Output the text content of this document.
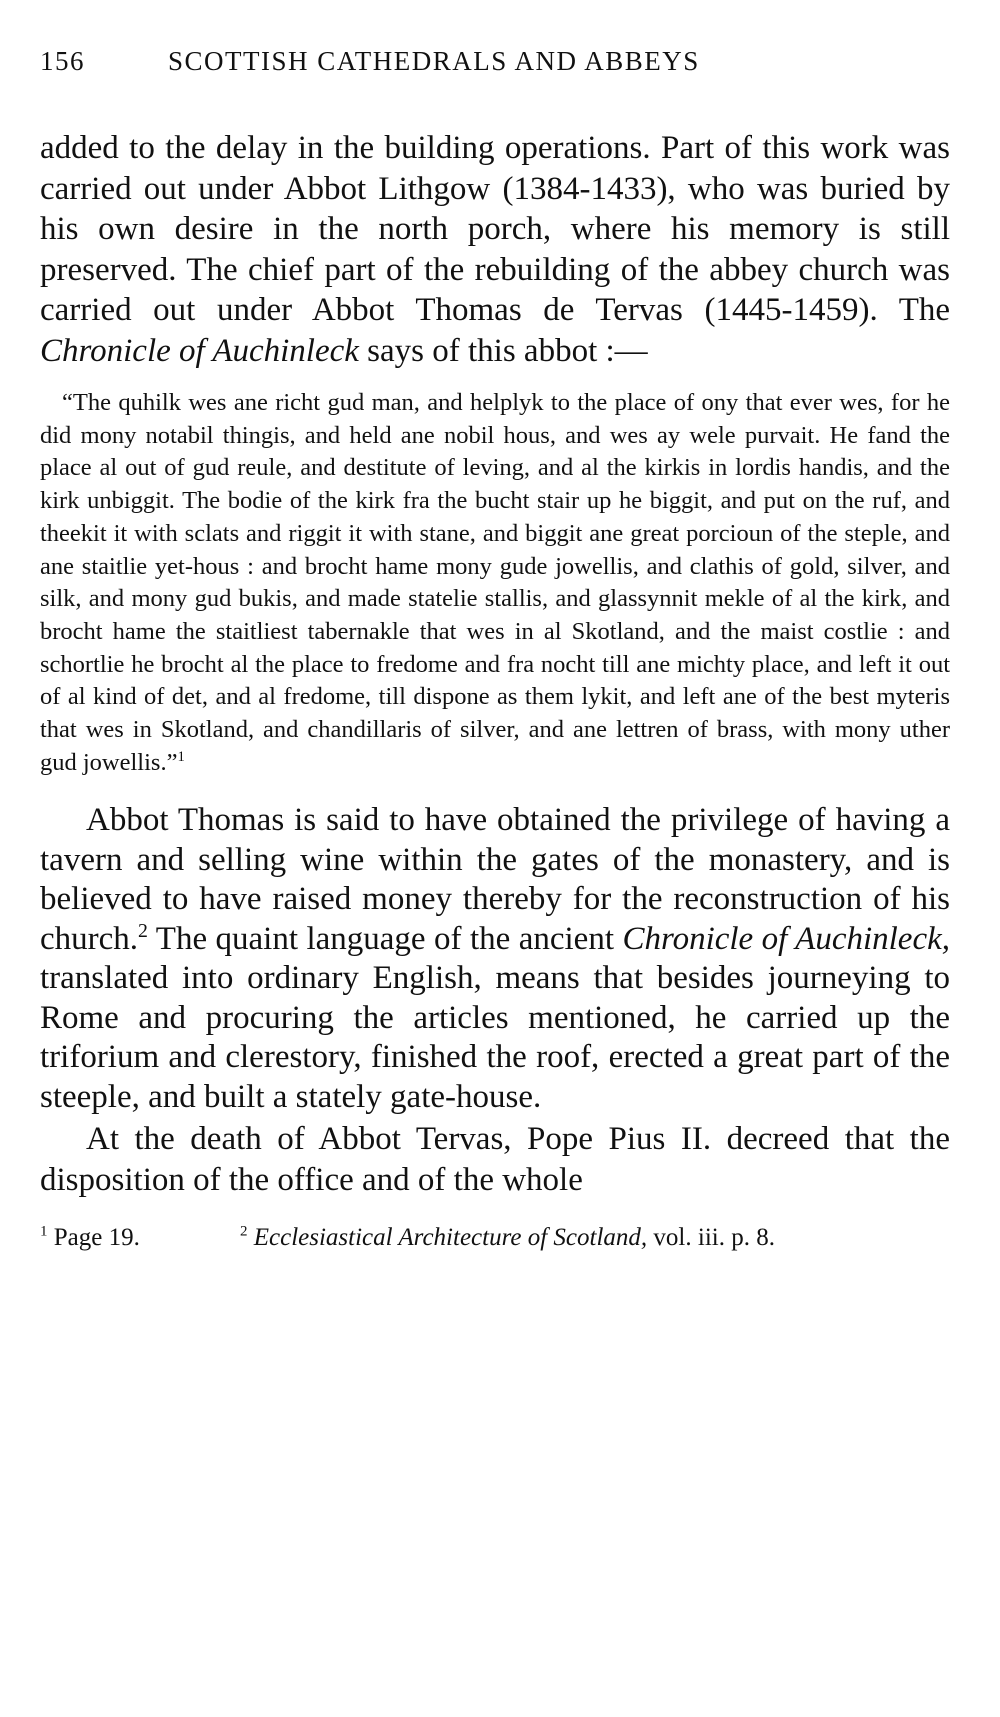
156	SCOTTISH CATHEDRALS AND ABBEYS

added to the delay in the building operations. Part of this work was carried out under Abbot Lithgow (1384-1433), who was buried by his own desire in the north porch, where his memory is still preserved. The chief part of the rebuilding of the abbey church was carried out under Abbot Thomas de Tervas (1445-1459). The Chronicle of Auchinleck says of this abbot :—

“The quhilk wes ane richt gud man, and helplyk to the place of ony that ever wes, for he did mony notabil thingis, and held ane nobil hous, and wes ay wele purvait. He fand the place al out of gud reule, and destitute of leving, and al the kirkis in lordis handis, and the kirk unbiggit. The bodie of the kirk fra the bucht stair up he biggit, and put on the ruf, and theekit it with sclats and riggit it with stane, and biggit ane great porcioun of the steple, and ane staitlie yet-hous : and brocht hame mony gude jowellis, and clathis of gold, silver, and silk, and mony gud bukis, and made statelie stallis, and glassynnit mekle of al the kirk, and brocht hame the staitliest tabernakle that wes in al Skotland, and the maist costlie : and schortlie he brocht al the place to fredome and fra nocht till ane michty place, and left it out of al kind of det, and al fredome, till dispone as them lykit, and left ane of the best myteris that wes in Skotland, and chandillaris of silver, and ane lettren of brass, with mony uther gud jowellis.”$^1$

Abbot Thomas is said to have obtained the privilege of having a tavern and selling wine within the gates of the monastery, and is believed to have raised money thereby for the reconstruction of his church.$^2$ The quaint language of the ancient Chronicle of Auchinleck, translated into ordinary English, means that besides journeying to Rome and procuring the articles mentioned, he carried up the triforium and clerestory, finished the roof, erected a great part of the steeple, and built a stately gate-house.

At the death of Abbot Tervas, Pope Pius II. decreed that the disposition of the office and of the whole

$^1$ Page 19.	$^2$ Ecclesiastical Architecture of Scotland, vol. iii. p. 8.
